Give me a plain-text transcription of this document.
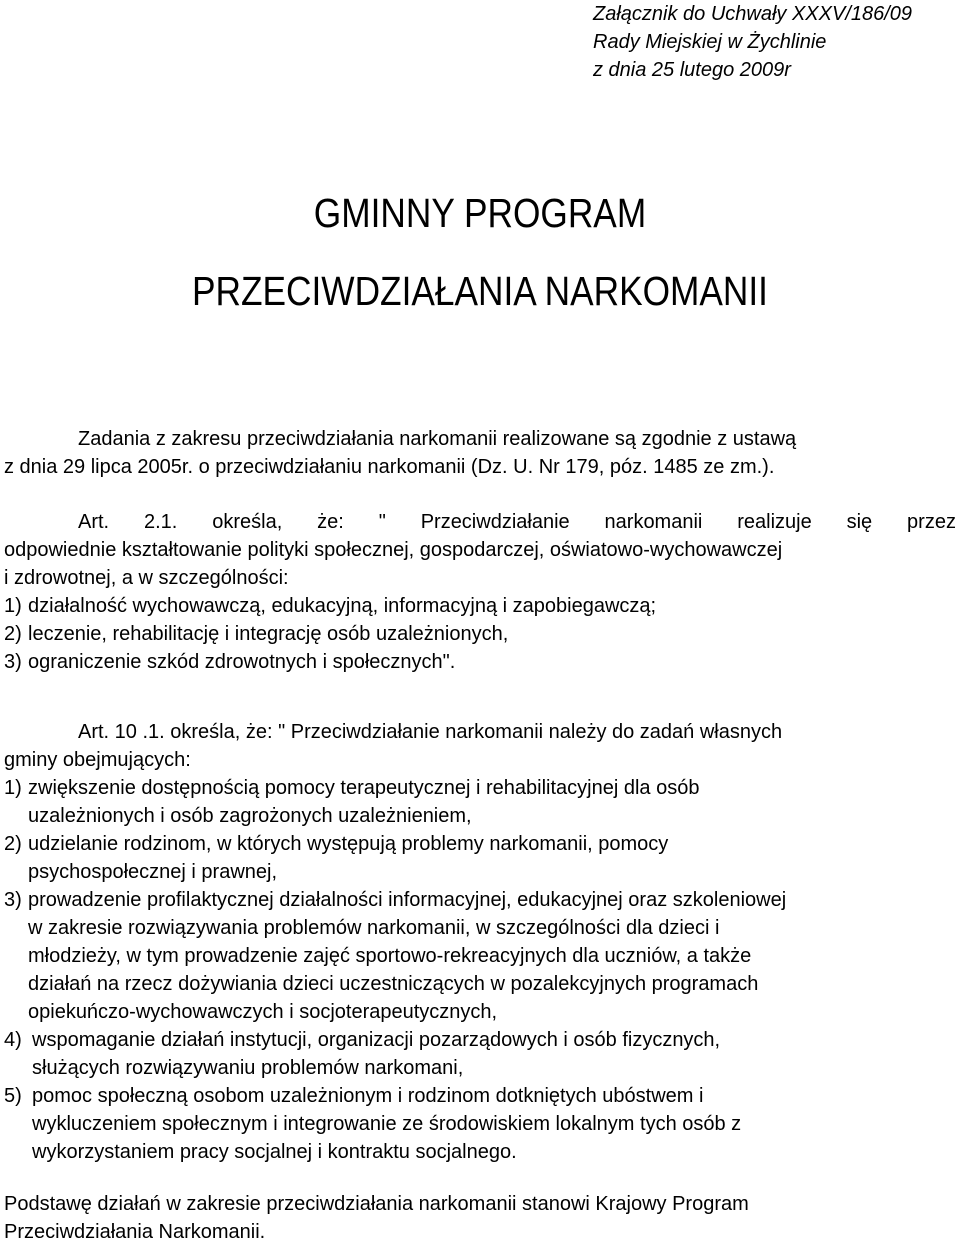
Załącznik do Uchwały XXXV/186/09
Rady Miejskiej w Żychlinie
z dnia 25 lutego 2009r
GMINNY PROGRAM
PRZECIWDZIAŁANIA NARKOMANII
Zadania z zakresu przeciwdziałania narkomanii realizowane są zgodnie z ustawą
z dnia 29 lipca 2005r. o przeciwdziałaniu narkomanii (Dz. U. Nr 179, póz. 1485 ze zm.).
Art. 2.1. określa, że: " Przeciwdziałanie narkomanii realizuje się przez
odpowiednie kształtowanie polityki społecznej, gospodarczej, oświatowo-wychowawczej
i zdrowotnej, a w szczególności:
1) działalność wychowawczą, edukacyjną, informacyjną i zapobiegawczą;
2) leczenie, rehabilitację i integrację osób uzależnionych,
3) ograniczenie szkód zdrowotnych i społecznych".
Art. 10 .1. określa, że: " Przeciwdziałanie narkomanii należy do zadań własnych
gminy obejmujących:
1) zwiększenie dostępnością pomocy terapeutycznej i rehabilitacyjnej dla osób
uzależnionych i osób zagrożonych uzależnieniem,
2) udzielanie rodzinom, w których występują problemy narkomanii, pomocy
psychospołecznej i prawnej,
3) prowadzenie profilaktycznej działalności informacyjnej, edukacyjnej oraz szkoleniowej
w zakresie rozwiązywania problemów narkomanii, w szczególności dla dzieci i
młodzieży, w tym prowadzenie zajęć sportowo-rekreacyjnych dla uczniów, a także
działań na rzecz dożywiania dzieci uczestniczących w pozalekcyjnych programach
opiekuńczo-wychowawczych i socjoterapeutycznych,
4) wspomaganie działań instytucji, organizacji pozarządowych i osób fizycznych,
służących rozwiązywaniu problemów narkomani,
5) pomoc społeczną osobom uzależnionym i rodzinom dotkniętych ubóstwem i
wykluczeniem społecznym i integrowanie ze środowiskiem lokalnym tych osób z
wykorzystaniem pracy socjalnej i kontraktu socjalnego.
Podstawę działań w zakresie przeciwdziałania narkomanii stanowi Krajowy Program
Przeciwdziałania Narkomanii.
